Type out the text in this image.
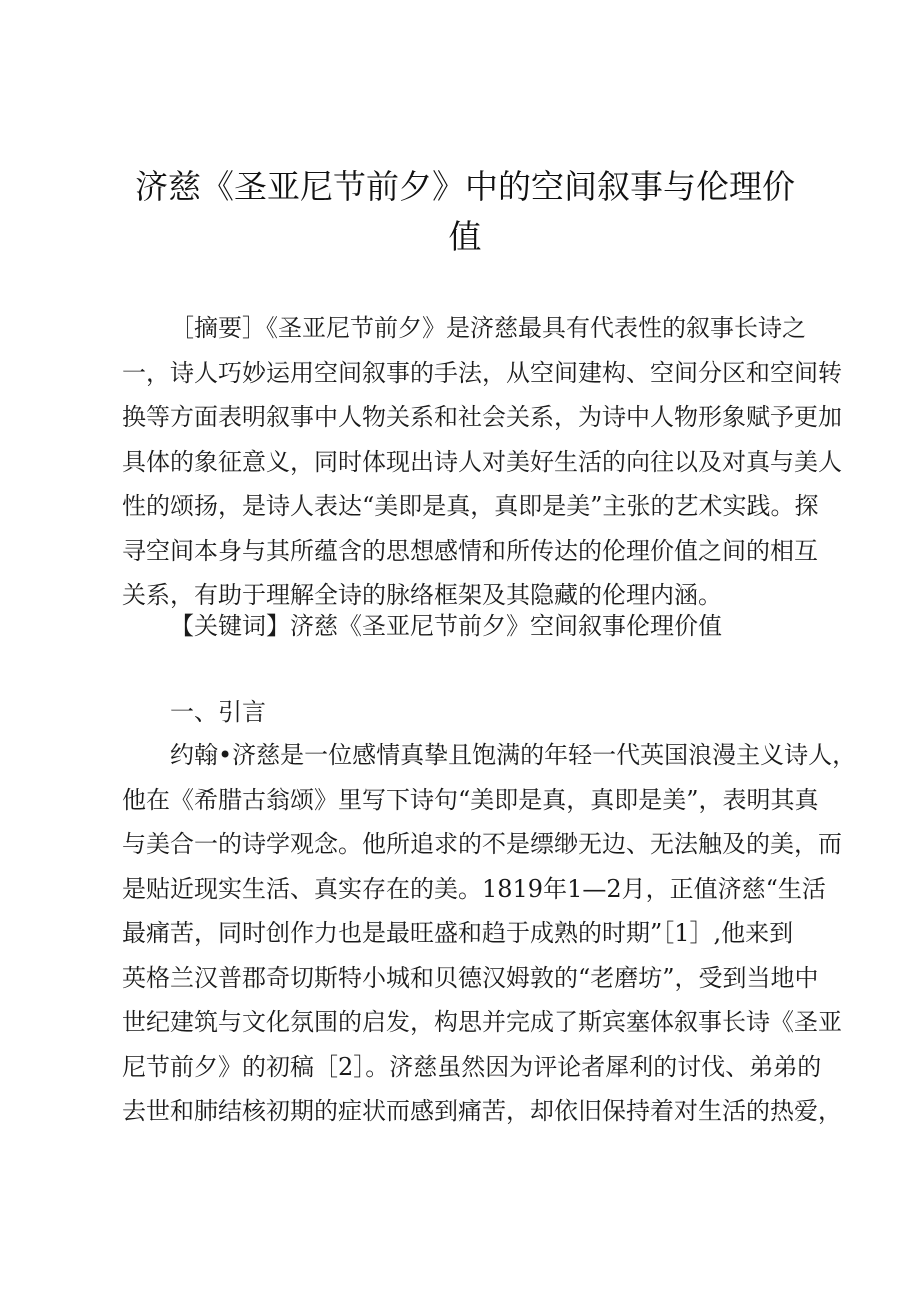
济慈《圣亚尼节前夕》中的空间叙事与伦理价
值
［摘要］《圣亚尼节前夕》是济慈最具有代表性的叙事长诗之
一，诗人巧妙运用空间叙事的手法，从空间建构、空间分区和空间转
换等方面表明叙事中人物关系和社会关系，为诗中人物形象赋予更加
具体的象征意义，同时体现出诗人对美好生活的向往以及对真与美人
性的颂扬，是诗人表达“美即是真，真即是美”主张的艺术实践。探
寻空间本身与其所蕴含的思想感情和所传达的伦理价值之间的相互
关系，有助于理解全诗的脉络框架及其隐藏的伦理内涵。
【关键词】济慈《圣亚尼节前夕》空间叙事伦理价值
一、引言
约翰•济慈是一位感情真挚且饱满的年轻一代英国浪漫主义诗人，
他在《希腊古翁颂》里写下诗句“美即是真，真即是美”，表明其真
与美合一的诗学观念。他所追求的不是缥缈无边、无法触及的美，而
是贴近现实生活、真实存在的美。1819年1—2月，正值济慈“生活
最痛苦，同时创作力也是最旺盛和趋于成熟的时期”［1］,他来到
英格兰汉普郡奇切斯特小城和贝德汉姆敦的“老磨坊”，受到当地中
世纪建筑与文化氛围的启发，构思并完成了斯宾塞体叙事长诗《圣亚
尼节前夕》的初稿［2］。济慈虽然因为评论者犀利的讨伐、弟弟的
去世和肺结核初期的症状而感到痛苦，却依旧保持着对生活的热爱，
